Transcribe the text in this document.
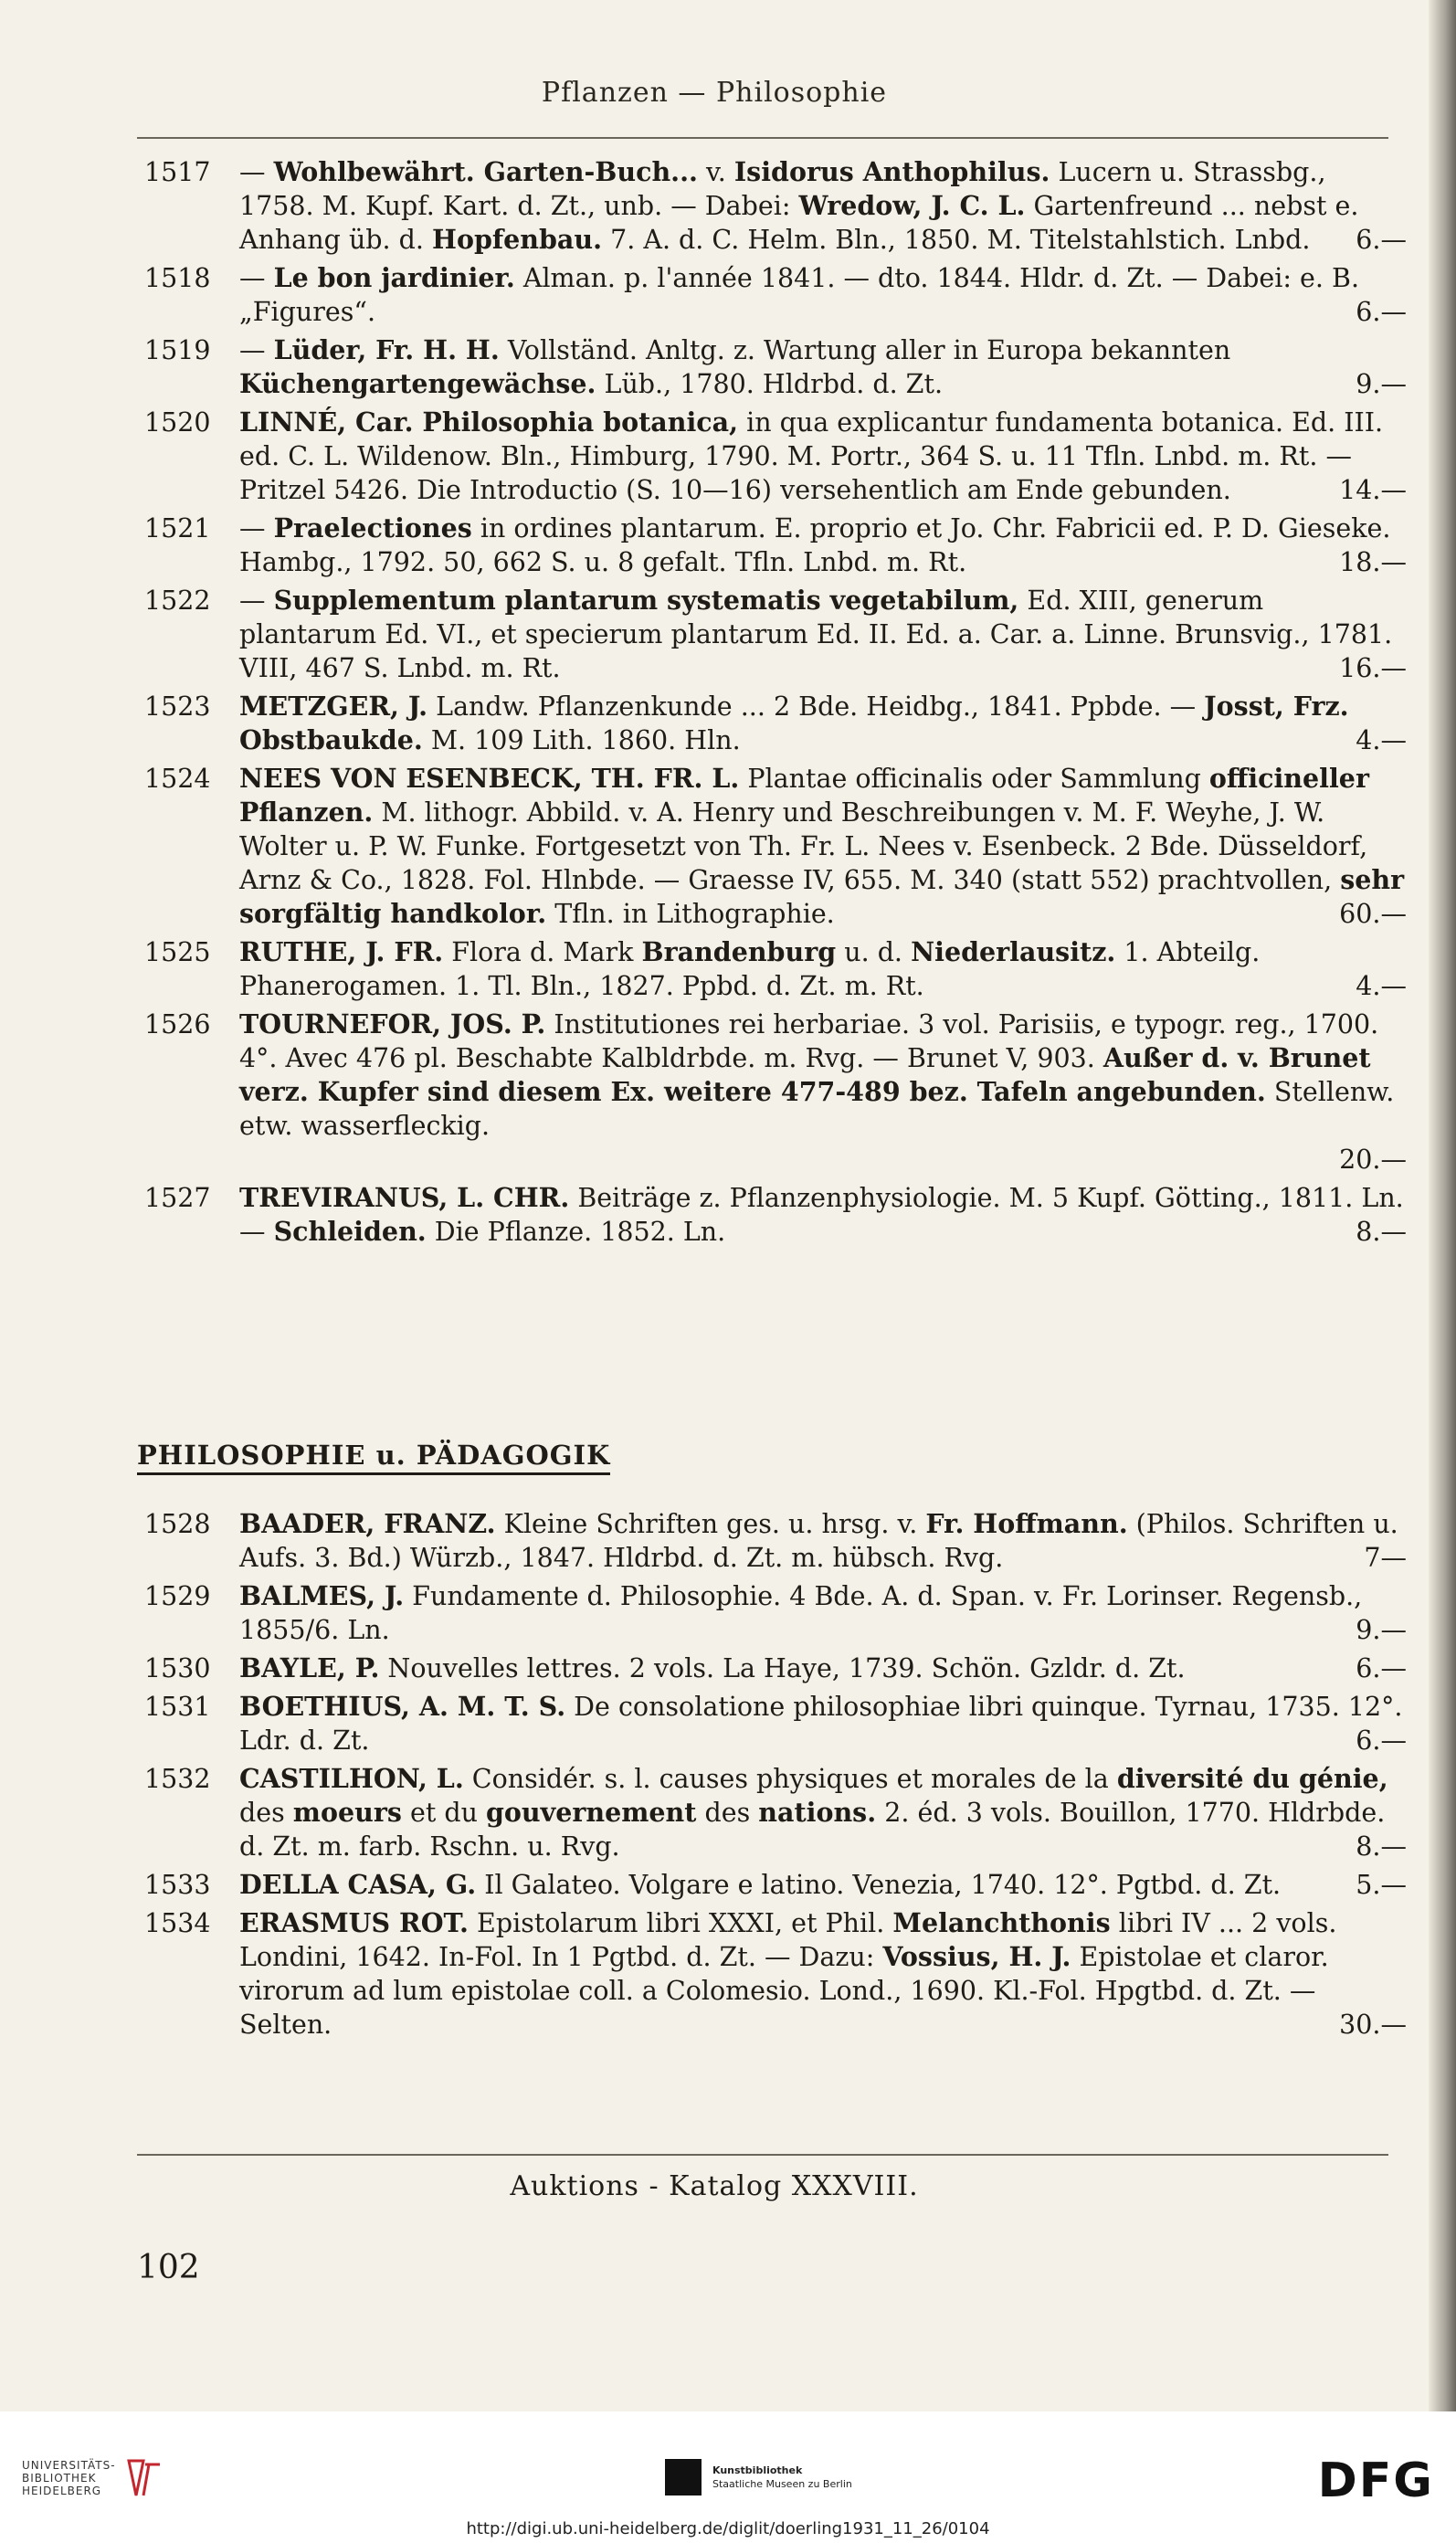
Pflanzen — Philosophie
1517 — Wohlbewährt. Garten-Buch... v. Isidorus Anthophilus. Lucern u. Strassbg., 1758. M. Kupf. Kart. d. Zt., unb. — Dabei: Wredow, J. C. L. Gartenfreund ... nebst e. Anhang üb. d. Hopfenbau. 7. A. d. C. Helm. Bln., 1850. M. Titelstahlstich. Lnbd. 6.—
1518 — Le bon jardinier. Alman. p. l'année 1841. — dto. 1844. Hldr. d. Zt. — Dabei: e. B. „Figures“.	6.—
1519 — Lüder, Fr. H. H. Vollständ. Anltg. z. Wartung aller in Europa bekannten Küchengartengewächse. Lüb., 1780. Hldrbd. d. Zt.	9.—
1520 LINNÉ, Car. Philosophia botanica, in qua explicantur fundamenta botanica. Ed. III. ed. C. L. Wildenow. Bln., Himburg, 1790. M. Portr., 364 S. u. 11 Tfln. Lnbd. m. Rt. — Pritzel 5426. Die Introductio (S. 10—16) versehentlich am Ende gebunden.	14.—
1521 — Praelectiones in ordines plantarum. E. proprio et Jo. Chr. Fabricii ed. P. D. Gieseke. Hambg., 1792. 50, 662 S. u. 8 gefalt. Tfln. Lnbd. m. Rt.	18.—
1522 — Supplementum plantarum systematis vegetabilum, Ed. XIII, generum plantarum Ed. VI., et specierum plantarum Ed. II. Ed. a. Car. a. Linne. Brunsvig., 1781. VIII, 467 S. Lnbd. m. Rt.	16.—
1523 METZGER, J. Landw. Pflanzenkunde ... 2 Bde. Heidbg., 1841. Ppbde. — Josst, Frz. Obstbaukde. M. 109 Lith. 1860. Hln.	4.—
1524 NEES VON ESENBECK, TH. FR. L. Plantae officinalis oder Sammlung officineller Pflanzen. M. lithogr. Abbild. v. A. Henry und Beschreibungen v. M. F. Weyhe, J. W. Wolter u. P. W. Funke. Fortgesetzt von Th. Fr. L. Nees v. Esenbeck. 2 Bde. Düsseldorf, Arnz & Co., 1828. Fol. Hlnbde. — Graesse IV, 655. M. 340 (statt 552) prachtvollen, sehr sorgfältig handkolor. Tfln. in Lithographie.	60.—
1525 RUTHE, J. FR. Flora d. Mark Brandenburg u. d. Niederlausitz. 1. Abteilg. Phanerogamen. 1. Tl. Bln., 1827. Ppbd. d. Zt. m. Rt.	4.—
1526 TOURNEFOR, JOS. P. Institutiones rei herbariae. 3 vol. Parisiis, e typogr. reg., 1700. 4°. Avec 476 pl. Beschabte Kalbldrbde. m. Rvg. — Brunet V, 903. Außer d. v. Brunet verz. Kupfer sind diesem Ex. weitere 477-489 bez. Tafeln angebunden. Stellenw. etw. wasserfleckig.
20.—
1527 TREVIRANUS, L. CHR. Beiträge z. Pflanzenphysiologie. M. 5 Kupf. Götting., 1811. Ln. — Schleiden. Die Pflanze. 1852. Ln.	8.—
PHILOSOPHIE u. PÄDAGOGIK
1528 BAADER, FRANZ. Kleine Schriften ges. u. hrsg. v. Fr. Hoffmann. (Philos. Schriften u. Aufs. 3. Bd.) Würzb., 1847. Hldrbd. d. Zt. m. hübsch. Rvg.	7—
1529 BALMES, J. Fundamente d. Philosophie. 4 Bde. A. d. Span. v. Fr. Lorinser. Regensb., 1855/6. Ln.	9.—
1530 BAYLE, P. Nouvelles lettres. 2 vols. La Haye, 1739. Schön. Gzldr. d. Zt.	6.—
1531 BOETHIUS, A. M. T. S. De consolatione philosophiae libri quinque. Tyrnau, 1735. 12°. Ldr. d. Zt.	6.—
1532 CASTILHON, L. Considér. s. l. causes physiques et morales de la diversité du génie, des moeurs et du gouvernement des nations. 2. éd. 3 vols. Bouillon, 1770. Hldrbde. d. Zt. m. farb. Rschn. u. Rvg.	8.—
1533 DELLA CASA, G. Il Galateo. Volgare e latino. Venezia, 1740. 12°. Pgtbd. d. Zt.	5.—
1534 ERASMUS ROT. Epistolarum libri XXXI, et Phil. Melanchthonis libri IV ... 2 vols. Londini, 1642. In-Fol. In 1 Pgtbd. d. Zt. — Dazu: Vossius, H. J. Epistolae et claror. virorum ad lum epistolae coll. a Colomesio. Lond., 1690. Kl.-Fol. Hpgtbd. d. Zt. — Selten.	30.—
Auktions - Katalog XXXVIII.
102
UNIVERSITÄTS-
BIBLIOTHEK
HEIDELBERG
Kunstbibliothek
Staatliche Museen zu Berlin	DFG
http://digi.ub.uni-heidelberg.de/diglit/doerling1931_11_26/0104
